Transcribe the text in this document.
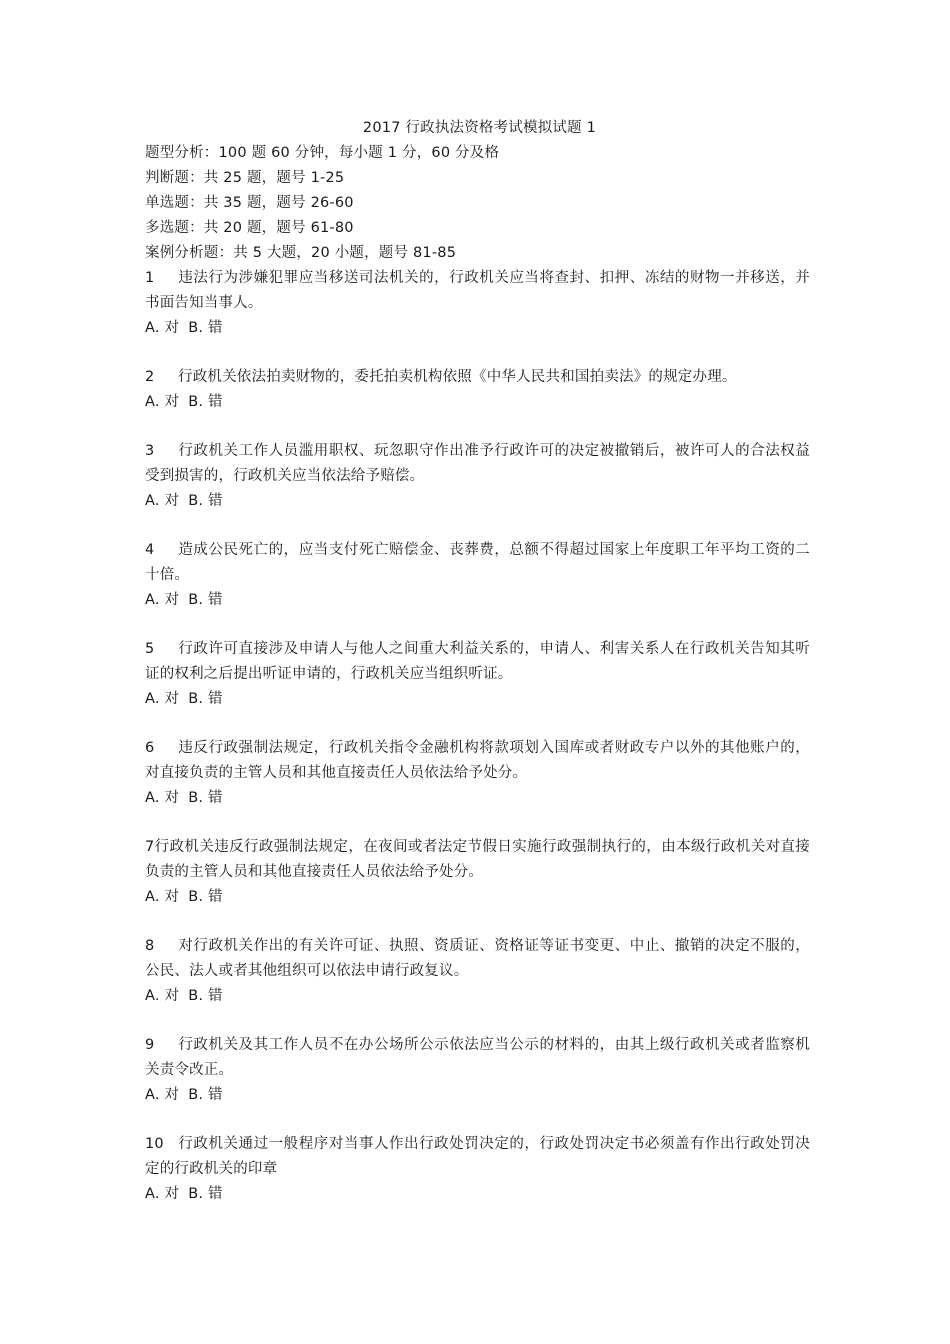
2017 行政执法资格考试模拟试题 1

题型分析：100 题 60 分钟，每小题 1 分，60 分及格

判断题：共 25 题，题号 1-25

单选题：共 35 题，题号 26-60

多选题：共 20 题，题号 61-80

案例分析题：共 5 大题，20 小题，题号 81-85

1 违法行为涉嫌犯罪应当移送司法机关的，行政机关应当将查封、扣押、冻结的财物一并移送，并书面告知当事人。

A. 对 B. 错

2 行政机关依法拍卖财物的，委托拍卖机构依照《中华人民共和国拍卖法》的规定办理。

A. 对 B. 错

3 行政机关工作人员滥用职权、玩忽职守作出准予行政许可的决定被撤销后，被许可人的合法权益受到损害的，行政机关应当依法给予赔偿。

A. 对 B. 错

4 造成公民死亡的，应当支付死亡赔偿金、丧葬费，总额不得超过国家上年度职工年平均工资的二十倍。

A. 对 B. 错

5 行政许可直接涉及申请人与他人之间重大利益关系的，申请人、利害关系人在行政机关告知其听证的权利之后提出听证申请的，行政机关应当组织听证。

A. 对 B. 错

6 违反行政强制法规定，行政机关指令金融机构将款项划入国库或者财政专户以外的其他账户的，对直接负责的主管人员和其他直接责任人员依法给予处分。

A. 对 B. 错

7行政机关违反行政强制法规定，在夜间或者法定节假日实施行政强制执行的，由本级行政机关对直接负责的主管人员和其他直接责任人员依法给予处分。

A. 对 B. 错

8 对行政机关作出的有关许可证、执照、资质证、资格证等证书变更、中止、撤销的决定不服的，公民、法人或者其他组织可以依法申请行政复议。

A. 对 B. 错

9 行政机关及其工作人员不在办公场所公示依法应当公示的材料的，由其上级行政机关或者监察机关责令改正。

A. 对 B. 错

10 行政机关通过一般程序对当事人作出行政处罚决定的，行政处罚决定书必须盖有作出行政处罚决定的行政机关的印章

A. 对 B. 错
